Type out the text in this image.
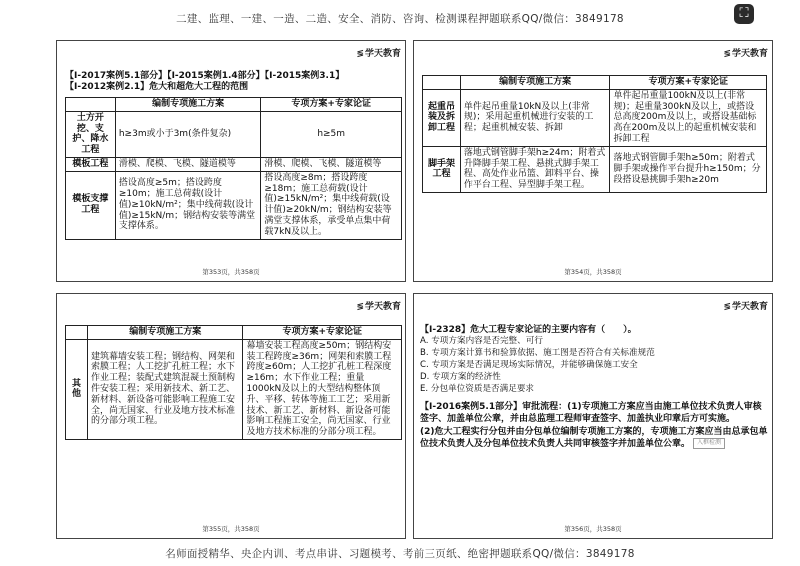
二建、监理、一建、一造、二造、安全、消防、咨询、检测课程押题联系QQ/微信：3849178	⛶
≶学天教育
【Ⅰ-2017案例5.1部分】【Ⅰ-2015案例1.4部分】【Ⅰ-2015案例3.1】
【Ⅰ-2012案例2.1】危大和超危大工程的范围
	编制专项施工方案	专项方案+专家论证
土方开挖、支护、降水工程	h≥3m或小于3m(条件复杂)	h≥5m
模板工程	滑模、爬模、飞模、隧道模等	滑模、爬模、飞模、隧道模等
模板支撑工程	搭设高度≥5m；搭设跨度≥10m；施工总荷载(设计值)≥10kN/m²；集中线荷载(设计值)≥15kN/m；钢结构安装等满堂支撑体系。	搭设高度≥8m；搭设跨度≥18m；施工总荷载(设计值)≥15kN/m²；集中线荷载(设计值)≥20kN/m；钢结构安装等满堂支撑体系，承受单点集中荷载7kN及以上。
第353页，共358页
≶学天教育
	编制专项施工方案	专项方案+专家论证
起重吊装及拆卸工程	单件起吊重量10kN及以上(非常规)；采用起重机械进行安装的工程；起重机械安装、拆卸	单件起吊重量100kN及以上(非常规)；起重量300kN及以上，或搭设总高度200m及以上，或搭设基础标高在200m及以上的起重机械安装和拆卸工程
脚手架工程	落地式钢管脚手架h≥24m；附着式升降脚手架工程、悬挑式脚手架工程、高处作业吊篮、卸料平台、操作平台工程、异型脚手架工程。	落地式钢管脚手架h≥50m；附着式脚手架或操作平台提升h≥150m；分段搭设悬挑脚手架h≥20m
第354页，共358页
≶学天教育
	编制专项施工方案	专项方案+专家论证
其他	建筑幕墙安装工程；钢结构、网架和索膜工程；人工挖扩孔桩工程；水下作业工程；装配式建筑混凝土预制构件安装工程；采用新技术、新工艺、新材料、新设备可能影响工程施工安全，尚无国家、行业及地方技术标准的分部分项工程。	幕墙安装工程高度≥50m；钢结构安装工程跨度≥36m；网架和索膜工程跨度≥60m；人工挖扩孔桩工程深度≥16m；水下作业工程；重量1000kN及以上的大型结构整体顶升、平移、转体等施工工艺；采用新技术、新工艺、新材料、新设备可能影响工程施工安全，尚无国家、行业及地方技术标准的分部分项工程。
第355页，共358页
≶学天教育
【Ⅰ-2328】危大工程专家论证的主要内容有（　　）。
A. 专项方案内容是否完整、可行
B. 专项方案计算书和验算依据、施工图是否符合有关标准规范
C. 专项方案是否满足现场实际情况，并能够确保施工安全
D. 专项方案的经济性
E. 分包单位资质是否满足要求
【Ⅰ-2016案例5.1部分】审批流程：(1)专项施工方案应当由施工单位技术负责人审核签字、加盖单位公章，并由总监理工程师审查签字、加盖执业印章后方可实施。
(2)危大工程实行分包并由分包单位编制专项施工方案的，专项施工方案应当由总承包单位技术负责人及分包单位技术负责人共同审核签字并加盖单位公章。 入框检测
第356页，共358页
名师面授精华、央企内训、考点串讲、习题模考、考前三页纸、绝密押题联系QQ/微信：3849178
